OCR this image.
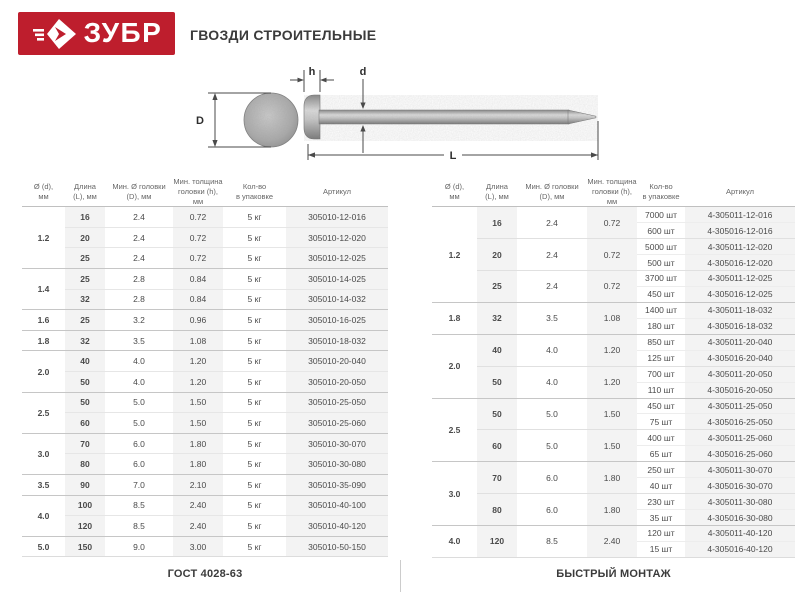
ЗУБР ГВОЗДИ СТРОИТЕЛЬНЫЕ
D
h	d
L
Ø (d),
мм

Длина
(L), мм

Мин. Ø головки
(D), мм

Мин. толщина
головки (h), мм

Кол-во
в упаковке

Артикул

1.2	16	2.4	0.72	5 кг	305010-12-016
	20	2.4	0.72	5 кг	305010-12-020
	25	2.4	0.72	5 кг	305010-12-025
1.4	25	2.8	0.84	5 кг	305010-14-025
	32	2.8	0.84	5 кг	305010-14-032
1.6	25	3.2	0.96	5 кг	305010-16-025
1.8	32	3.5	1.08	5 кг	305010-18-032
2.0	40	4.0	1.20	5 кг	305010-20-040
	50	4.0	1.20	5 кг	305010-20-050
2.5	50	5.0	1.50	5 кг	305010-25-050
	60	5.0	1.50	5 кг	305010-25-060
3.0	70	6.0	1.80	5 кг	305010-30-070
	80	6.0	1.80	5 кг	305010-30-080
3.5	90	7.0	2.10	5 кг	305010-35-090
4.0	100	8.5	2.40	5 кг	305010-40-100
	120	8.5	2.40	5 кг	305010-40-120
5.0	150	9.0	3.00	5 кг	305010-50-150
Ø (d),
мм

Длина
(L), мм

Мин. Ø головки
(D), мм

Мин. толщина
головки (h), мм

Кол-во
в упаковке

Артикул

1.2	16	2.4	0.72	7000 шт	4-305011-12-016
				600 шт	4-305016-12-016
	20	2.4	0.72	5000 шт	4-305011-12-020
				500 шт	4-305016-12-020
	25	2.4	0.72	3700 шт	4-305011-12-025
				450 шт	4-305016-12-025
1.8	32	3.5	1.08	1400 шт	4-305011-18-032
				180 шт	4-305016-18-032
2.0	40	4.0	1.20	850 шт	4-305011-20-040
				125 шт	4-305016-20-040
	50	4.0	1.20	700 шт	4-305011-20-050
				110 шт	4-305016-20-050
2.5	50	5.0	1.50	450 шт	4-305011-25-050
				75 шт	4-305016-25-050
	60	5.0	1.50	400 шт	4-305011-25-060
				65 шт	4-305016-25-060
3.0	70	6.0	1.80	250 шт	4-305011-30-070
				40 шт	4-305016-30-070
	80	6.0	1.80	230 шт	4-305011-30-080
				35 шт	4-305016-30-080
4.0	120	8.5	2.40	120 шт	4-305011-40-120
				15 шт	4-305016-40-120
ГОСТ 4028-63	БЫСТРЫЙ МОНТАЖ
